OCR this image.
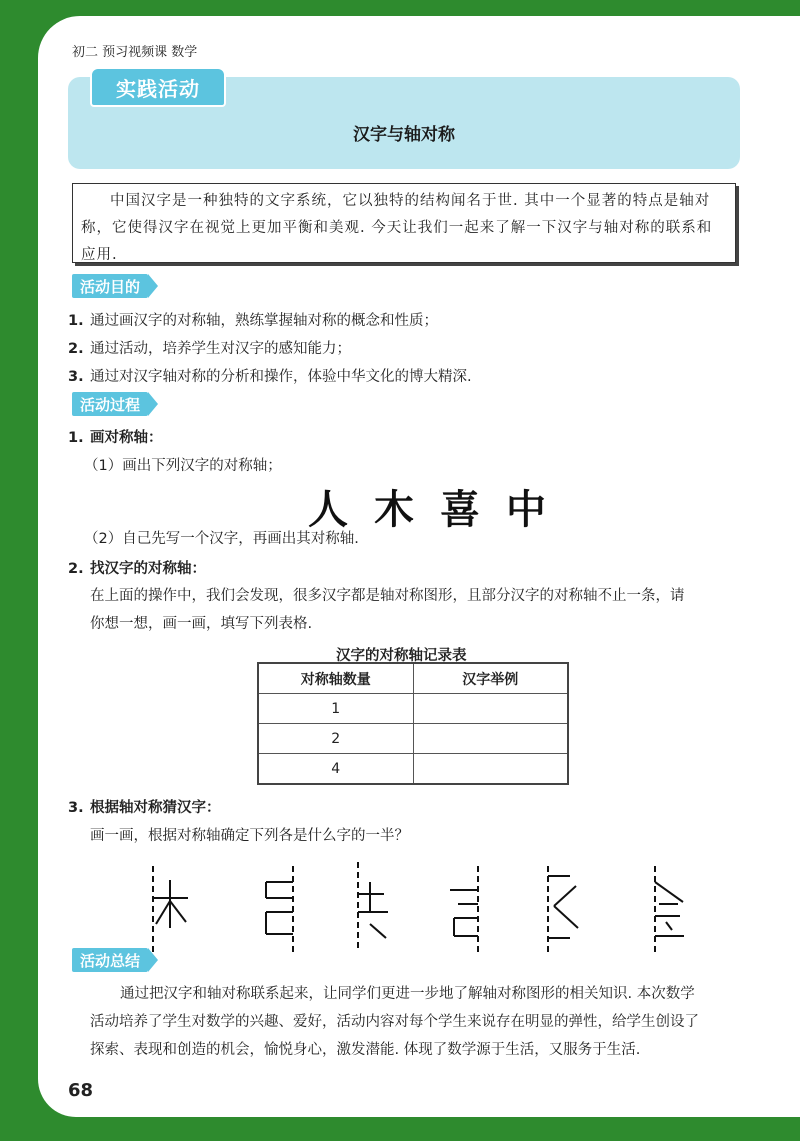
初二 预习视频课 数学
实践活动
汉字与轴对称

中国汉字是一种独特的文字系统，它以独特的结构闻名于世. 其中一个显著的特点是轴对称，它使得汉字在视觉上更加平衡和美观. 今天让我们一起来了解一下汉字与轴对称的联系和应用.

活动目的
1. 通过画汉字的对称轴，熟练掌握轴对称的概念和性质；
2. 通过活动，培养学生对汉字的感知能力；
3. 通过对汉字轴对称的分析和操作，体验中华文化的博大精深.
活动过程
1. 画对称轴：
（1）画出下列汉字的对称轴；
人木喜中
（2）自己先写一个汉字，再画出其对称轴.
2. 找汉字的对称轴：
在上面的操作中，我们会发现，很多汉字都是轴对称图形，且部分汉字的对称轴不止一条，请
你想一想，画一画，填写下列表格.
汉字的对称轴记录表
对称轴数量	汉字举例
1	
2	
4	
3. 根据轴对称猜汉字：
画一画，根据对称轴确定下列各是什么字的一半？
活动总结
通过把汉字和轴对称联系起来，让同学们更进一步地了解轴对称图形的相关知识. 本次数学
活动培养了学生对数学的兴趣、爱好，活动内容对每个学生来说存在明显的弹性，给学生创设了
探索、表现和创造的机会，愉悦身心，激发潜能. 体现了数学源于生活，又服务于生活.
68
